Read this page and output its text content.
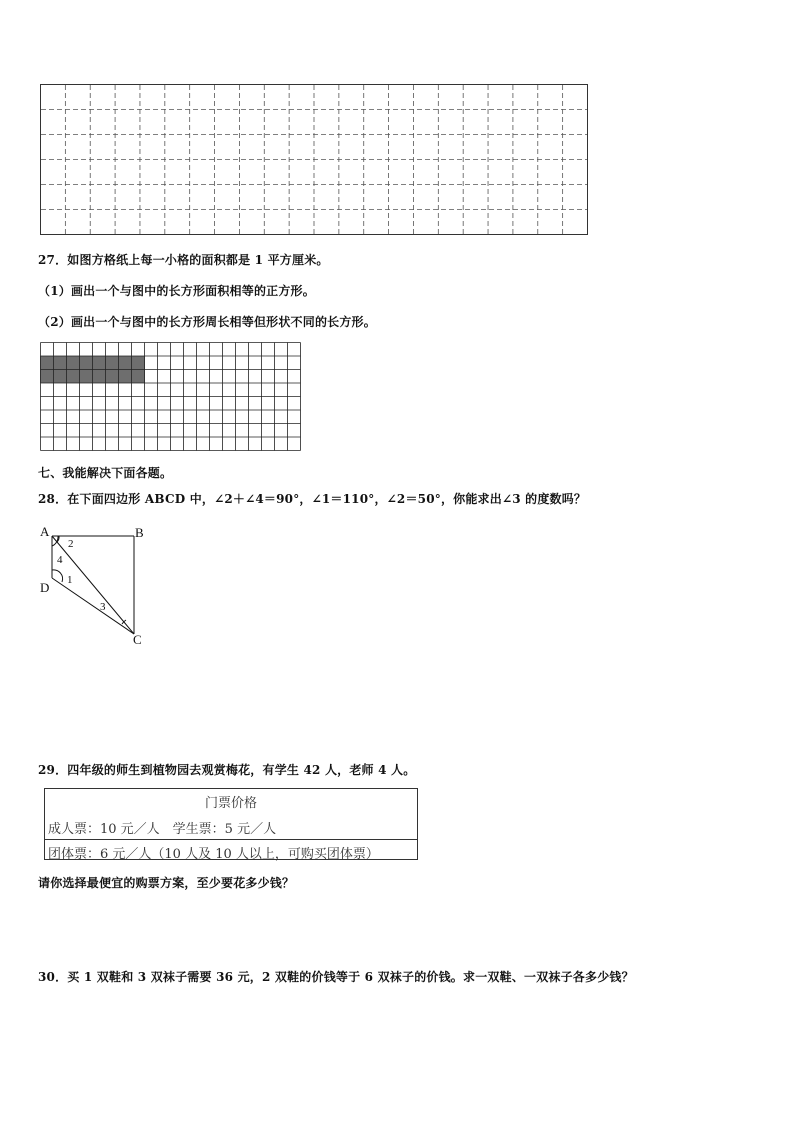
27．如图方格纸上每一小格的面积都是 1 平方厘米。
（1）画出一个与图中的长方形面积相等的正方形。
（2）画出一个与图中的长方形周长相等但形状不同的长方形。
七、我能解决下面各题。
28．在下面四边形 ABCD 中，∠2＋∠4＝90°，∠1＝110°，∠2＝50°，你能求出∠3 的度数吗？
A	B
C
D
2
4
1
3
29．四年级的师生到植物园去观赏梅花，有学生 42 人，老师 4 人。
门票价格
成人票：10 元／人　学生票：5 元／人
团体票：6 元／人（10 人及 10 人以上，可购买团体票）
请你选择最便宜的购票方案，至少要花多少钱？
30．买 1 双鞋和 3 双袜子需要 36 元，2 双鞋的价钱等于 6 双袜子的价钱。求一双鞋、一双袜子各多少钱？
